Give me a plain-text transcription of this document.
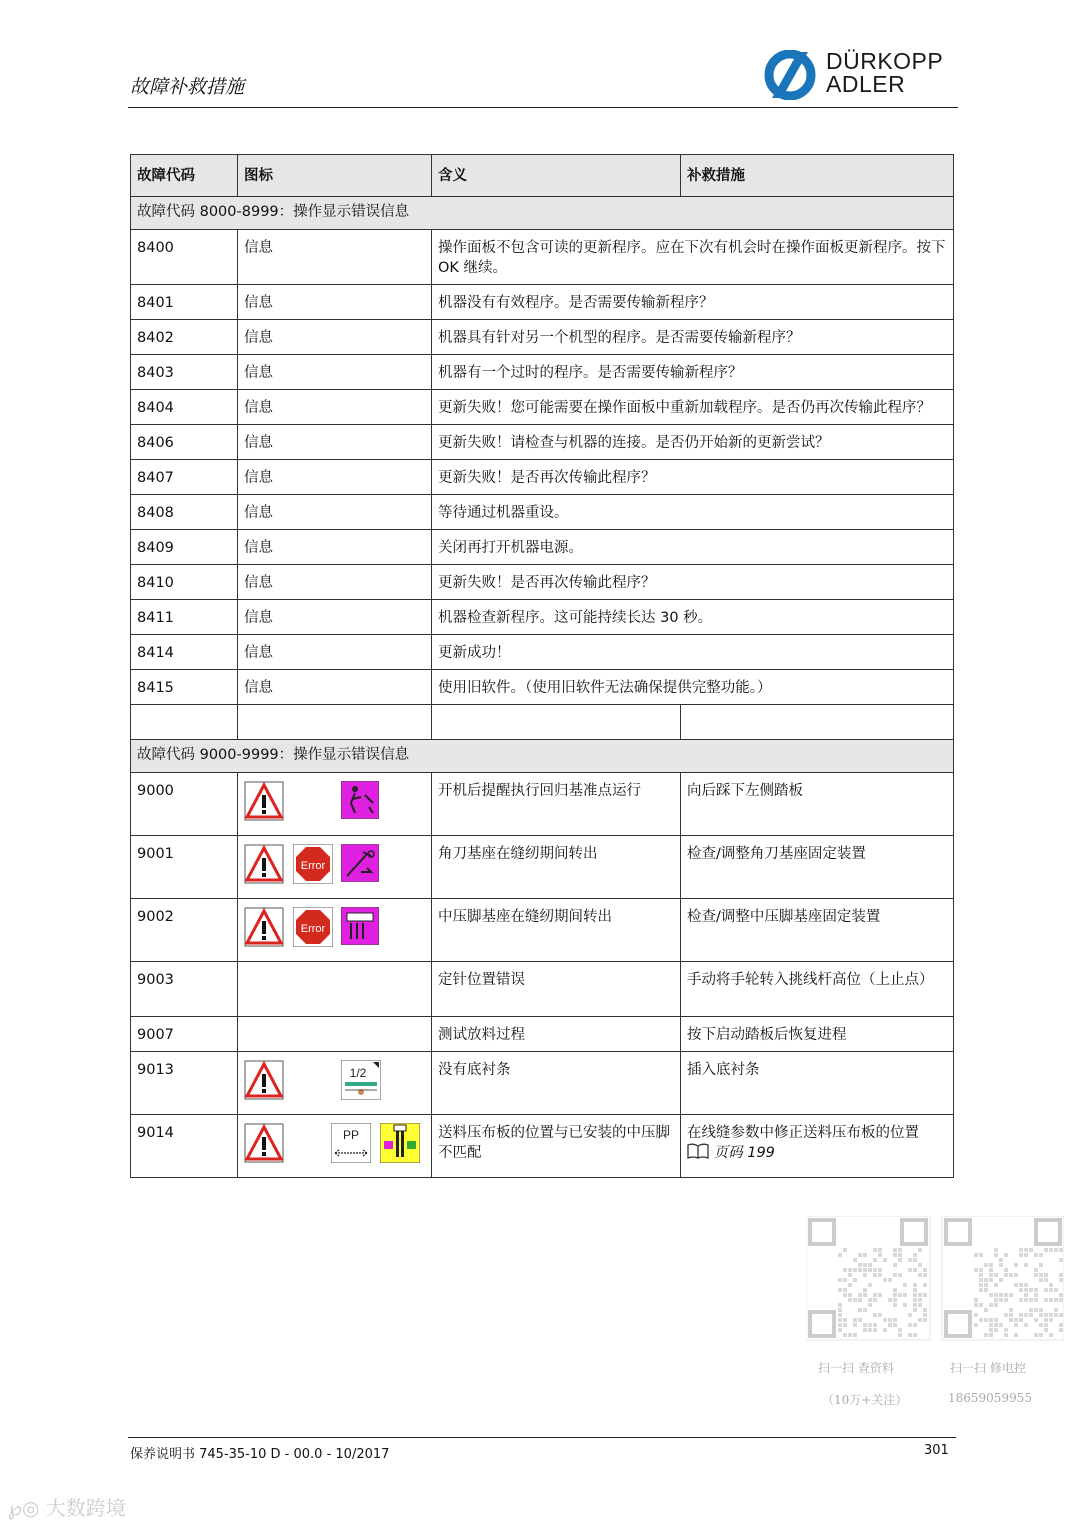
故障补救措施
DÜRKOPP
ADLER
故障代码	图标	含义	补救措施
故障代码 8000-8999：操作显示错误信息			
8400	信息	操作面板不包含可读的更新程序。应在下次有机会时在操作面板更新程序。按下 OK 继续。	
8401	信息	机器没有有效程序。是否需要传输新程序？	
8402	信息	机器具有针对另一个机型的程序。是否需要传输新程序？	
8403	信息	机器有一个过时的程序。是否需要传输新程序？	
8404	信息	更新失败！您可能需要在操作面板中重新加载程序。是否仍再次传输此程序？	
8406	信息	更新失败！请检查与机器的连接。是否仍开始新的更新尝试？	
8407	信息	更新失败！是否再次传输此程序？	
8408	信息	等待通过机器重设。	
8409	信息	关闭再打开机器电源。	
8410	信息	更新失败！是否再次传输此程序？	
8411	信息	机器检查新程序。这可能持续长达 30 秒。	
8414	信息	更新成功！	
8415	信息	使用旧软件。（使用旧软件无法确保提供完整功能。）	

故障代码 9000-9999：操作显示错误信息			
9000		开机后提醒执行回归基准点运行	向后踩下左侧踏板
9001	Error	角刀基座在缝纫期间转出	检查/调整角刀基座固定装置
9002	Error	中压脚基座在缝纫期间转出	检查/调整中压脚基座固定装置
9003		定针位置错误	手动将手轮转入挑线杆高位（上止点）
9007		测试放料过程	按下启动踏板后恢复进程
9013	1/2	没有底衬条	插入底衬条
9014	PP	送料压布板的位置与已安装的中压脚不匹配	在线缝参数中修正送料压布板的位置
页码 199
扫一扫 查资料
（10万+关注）
扫一扫 修电控
18659059955
保养说明书 745-35-10 D - 00.0 - 10/2017	301
℘◎ 大数跨境
